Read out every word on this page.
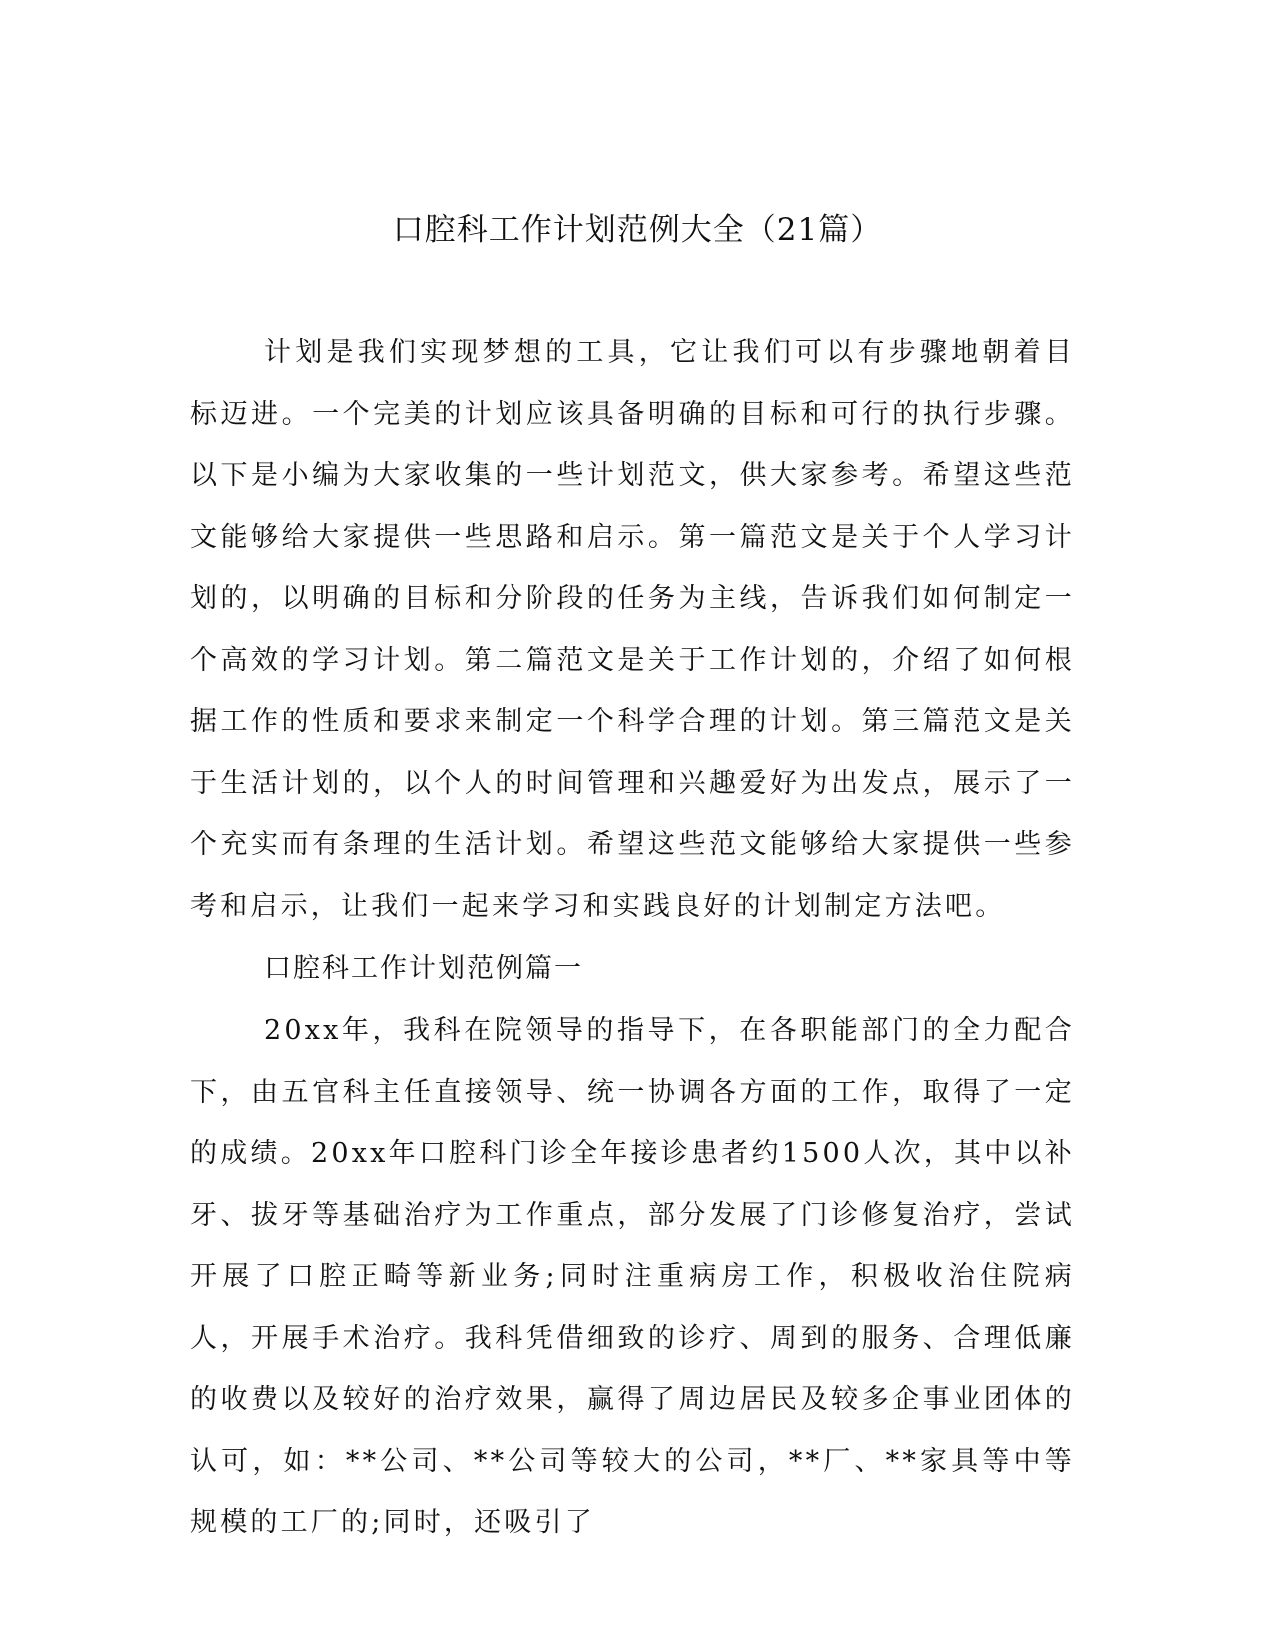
口腔科工作计划范例大全（21篇）

计划是我们实现梦想的工具，它让我们可以有步骤地朝着目标迈进。一个完美的计划应该具备明确的目标和可行的执行步骤。以下是小编为大家收集的一些计划范文，供大家参考。希望这些范文能够给大家提供一些思路和启示。第一篇范文是关于个人学习计划的，以明确的目标和分阶段的任务为主线，告诉我们如何制定一个高效的学习计划。第二篇范文是关于工作计划的，介绍了如何根据工作的性质和要求来制定一个科学合理的计划。第三篇范文是关于生活计划的，以个人的时间管理和兴趣爱好为出发点，展示了一个充实而有条理的生活计划。希望这些范文能够给大家提供一些参考和启示，让我们一起来学习和实践良好的计划制定方法吧。

口腔科工作计划范例篇一

20xx年，我科在院领导的指导下，在各职能部门的全力配合下，由五官科主任直接领导、统一协调各方面的工作，取得了一定的成绩。20xx年口腔科门诊全年接诊患者约1500人次，其中以补牙、拔牙等基础治疗为工作重点，部分发展了门诊修复治疗，尝试开展了口腔正畸等新业务;同时注重病房工作，积极收治住院病人，开展手术治疗。我科凭借细致的诊疗、周到的服务、合理低廉的收费以及较好的治疗效果，赢得了周边居民及较多企事业团体的认可，如：**公司、**公司等较大的公司，**厂、**家具等中等规模的工厂的;同时，还吸引了
